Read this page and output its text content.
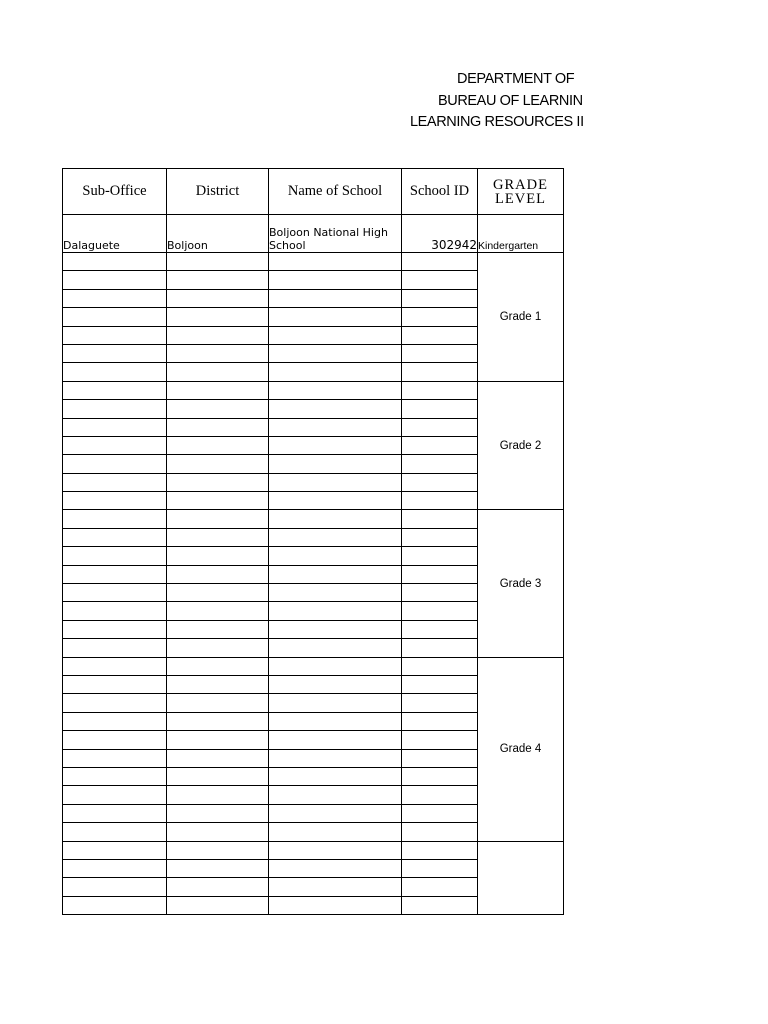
DEPARTMENT OF
BUREAU OF LEARNIN
LEARNING RESOURCES II
Sub-Office	District	Name of School	School ID	GRADE LEVEL
Dalaguete	Boljoon	Boljoon National High School	302942	Kindergarten
				Grade 1

				Grade 2

				Grade 3

				Grade 4
